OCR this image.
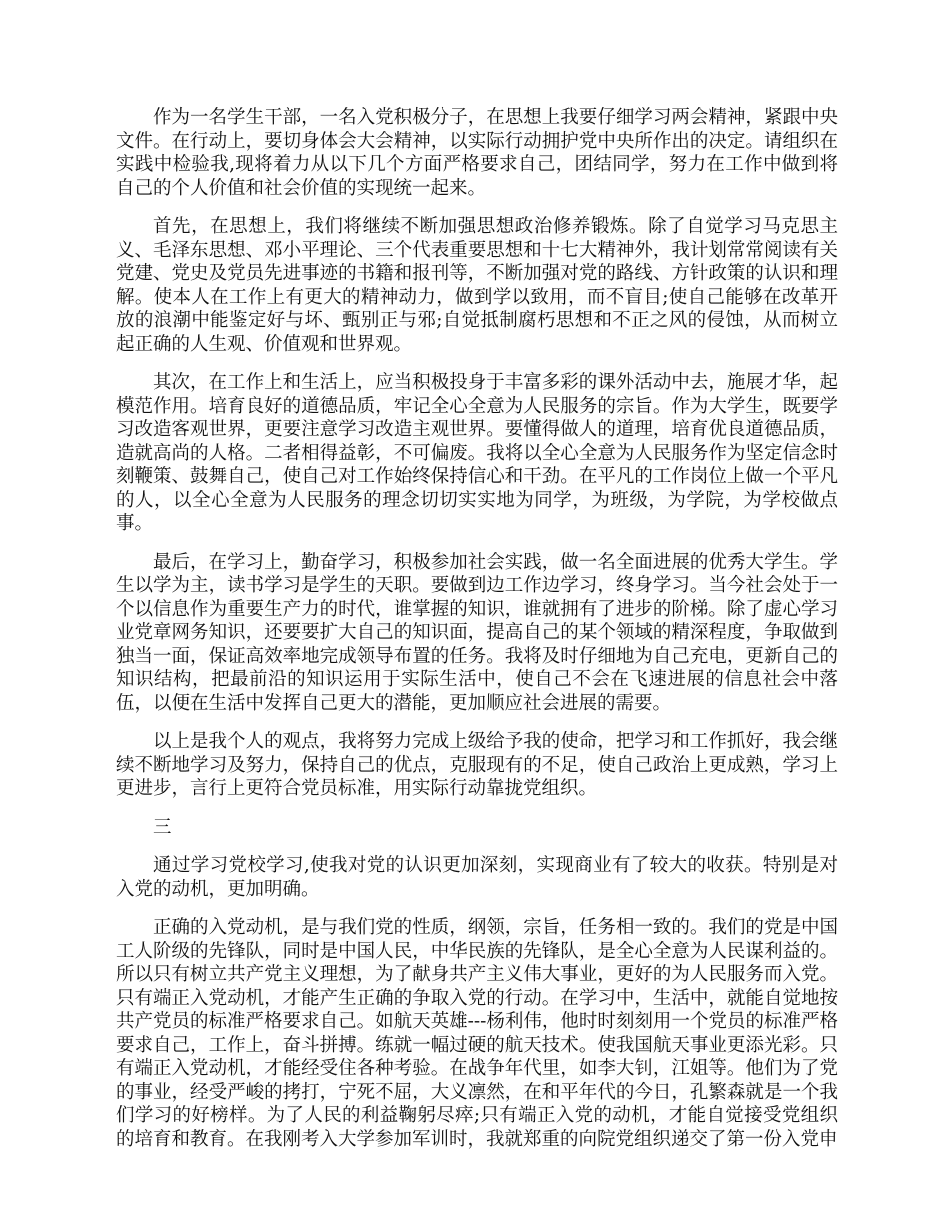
作为一名学生干部，一名入党积极分子，在思想上我要仔细学习两会精神，紧跟中央文件。在行动上，要切身体会大会精神，以实际行动拥护党中央所作出的决定。请组织在实践中检验我,现将着力从以下几个方面严格要求自己，团结同学，努力在工作中做到将自己的个人价值和社会价值的实现统一起来。

首先，在思想上，我们将继续不断加强思想政治修养锻炼。除了自觉学习马克思主义、毛泽东思想、邓小平理论、三个代表重要思想和十七大精神外，我计划常常阅读有关党建、党史及党员先进事迹的书籍和报刊等，不断加强对党的路线、方针政策的认识和理解。使本人在工作上有更大的精神动力，做到学以致用，而不盲目;使自己能够在改革开放的浪潮中能鉴定好与坏、甄别正与邪;自觉抵制腐朽思想和不正之风的侵蚀，从而树立起正确的人生观、价值观和世界观。

其次，在工作上和生活上，应当积极投身于丰富多彩的课外活动中去，施展才华，起模范作用。培育良好的道德品质，牢记全心全意为人民服务的宗旨。作为大学生，既要学习改造客观世界，更要注意学习改造主观世界。要懂得做人的道理，培育优良道德品质，造就高尚的人格。二者相得益彰，不可偏废。我将以全心全意为人民服务作为坚定信念时刻鞭策、鼓舞自己，使自己对工作始终保持信心和干劲。在平凡的工作岗位上做一个平凡的人，以全心全意为人民服务的理念切切实实地为同学，为班级，为学院，为学校做点事。

最后，在学习上，勤奋学习，积极参加社会实践，做一名全面进展的优秀大学生。学生以学为主，读书学习是学生的天职。要做到边工作边学习，终身学习。当今社会处于一个以信息作为重要生产力的时代，谁掌握的知识，谁就拥有了进步的阶梯。除了虚心学习业党章网务知识，还要要扩大自己的知识面，提高自己的某个领域的精深程度，争取做到独当一面，保证高效率地完成领导布置的任务。我将及时仔细地为自己充电，更新自己的知识结构，把最前沿的知识运用于实际生活中，使自己不会在飞速进展的信息社会中落伍，以便在生活中发挥自己更大的潜能，更加顺应社会进展的需要。

以上是我个人的观点，我将努力完成上级给予我的使命，把学习和工作抓好，我会继续不断地学习及努力，保持自己的优点，克服现有的不足，使自己政治上更成熟，学习上更进步，言行上更符合党员标准，用实际行动靠拢党组织。

三

通过学习党校学习,使我对党的认识更加深刻，实现商业有了较大的收获。特别是对入党的动机，更加明确。

正确的入党动机，是与我们党的性质，纲领，宗旨，任务相一致的。我们的党是中国工人阶级的先锋队，同时是中国人民，中华民族的先锋队，是全心全意为人民谋利益的。所以只有树立共产党主义理想，为了献身共产主义伟大事业，更好的为人民服务而入党。只有端正入党动机，才能产生正确的争取入党的行动。在学习中，生活中，就能自觉地按共产党员的标准严格要求自己。如航天英雄---杨利伟，他时时刻刻用一个党员的标准严格要求自己，工作上，奋斗拼搏。练就一幅过硬的航天技术。使我国航天事业更添光彩。只有端正入党动机，才能经受住各种考验。在战争年代里，如李大钊，江姐等。他们为了党的事业，经受严峻的拷打，宁死不屈，大义凛然，在和平年代的今日，孔繁森就是一个我们学习的好榜样。为了人民的利益鞠躬尽瘁;只有端正入党的动机，才能自觉接受党组织的培育和教育。在我刚考入大学参加军训时，我就郑重的向院党组织递交了第一份入党申
